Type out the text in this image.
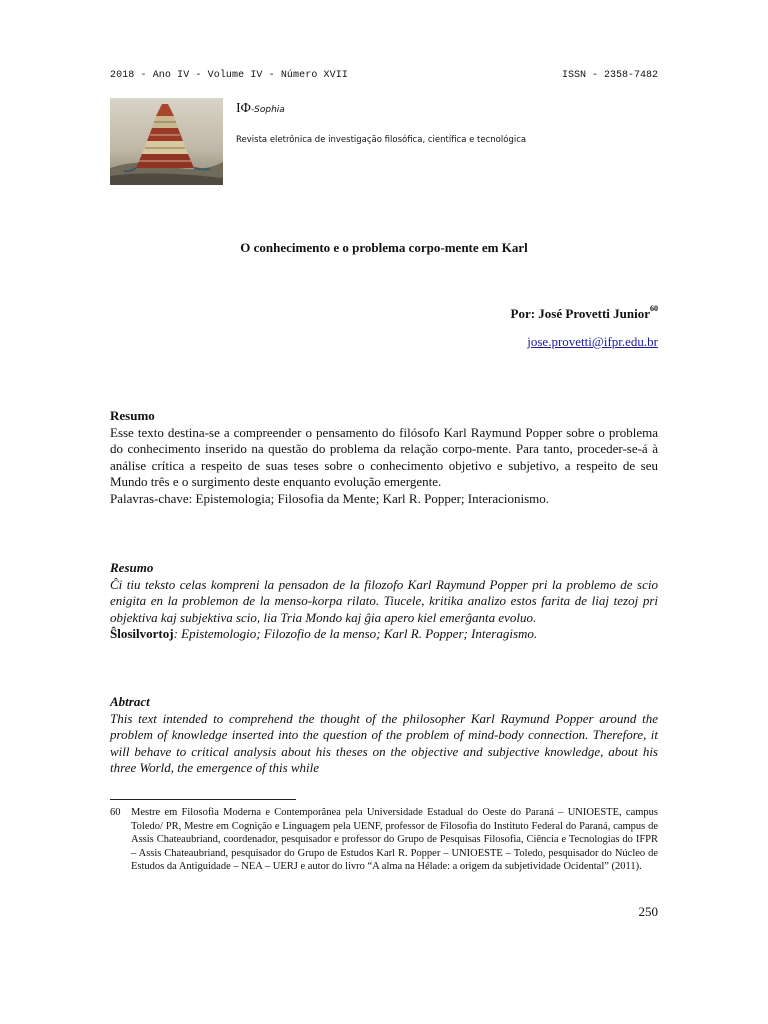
2018 - Ano IV - Volume IV - Número XVII	ISSN - 2358-7482
IΦ-Sophia
Revista eletrônica de investigação filosófica, científica e tecnológica
O conhecimento e o problema corpo-mente em Karl
Por: José Provetti Junior$^{60}$
jose.provetti@ifpr.edu.br
Resumo
Esse texto destina-se a compreender o pensamento do filósofo Karl Raymund Popper sobre o problema do conhecimento inserido na questão do problema da relação corpo-mente. Para tanto, proceder-se-á à análise crítica a respeito de suas teses sobre o conhecimento objetivo e subjetivo, a respeito de seu Mundo três e o surgimento deste enquanto evolução emergente.
Palavras-chave: Epistemologia; Filosofia da Mente; Karl R. Popper; Interacionismo.
Resumo
Ĉi tiu teksto celas kompreni la pensadon de la filozofo Karl Raymund Popper pri la problemo de scio enigita en la problemon de la menso-korpa rilato. Tiucele, kritika analizo estos farita de liaj tezoj pri objektiva kaj subjektiva scio, lia Tria Mondo kaj ĝia apero kiel emerĝanta evoluo.
Ŝlosilvortoj: Epistemologio; Filozofio de la menso; Karl R. Popper; Interagismo.
Abtract
This text intended to comprehend the thought of the philosopher Karl Raymund Popper around the problem of knowledge inserted into the question of the problem of mind-body connection. Therefore, it will behave to critical analysis about his theses on the objective and subjective knowledge, about his three World, the emergence of this while
60 Mestre em Filosofia Moderna e Contemporânea pela Universidade Estadual do Oeste do Paraná – UNIOESTE, campus Toledo/ PR, Mestre em Cognição e Linguagem pela UENF, professor de Filosofia do Instituto Federal do Paraná, campus de Assis Chateaubriand, coordenador, pesquisador e professor do Grupo de Pesquisas Filosofia, Ciência e Tecnologias do IFPR – Assis Chateaubriand, pesquisador do Grupo de Estudos Karl R. Popper – UNIOESTE – Toledo, pesquisador do Núcleo de Estudos da Antiguidade – NEA – UERJ e autor do livro “A alma na Hélade: a origem da subjetividade Ocidental” (2011).
250
